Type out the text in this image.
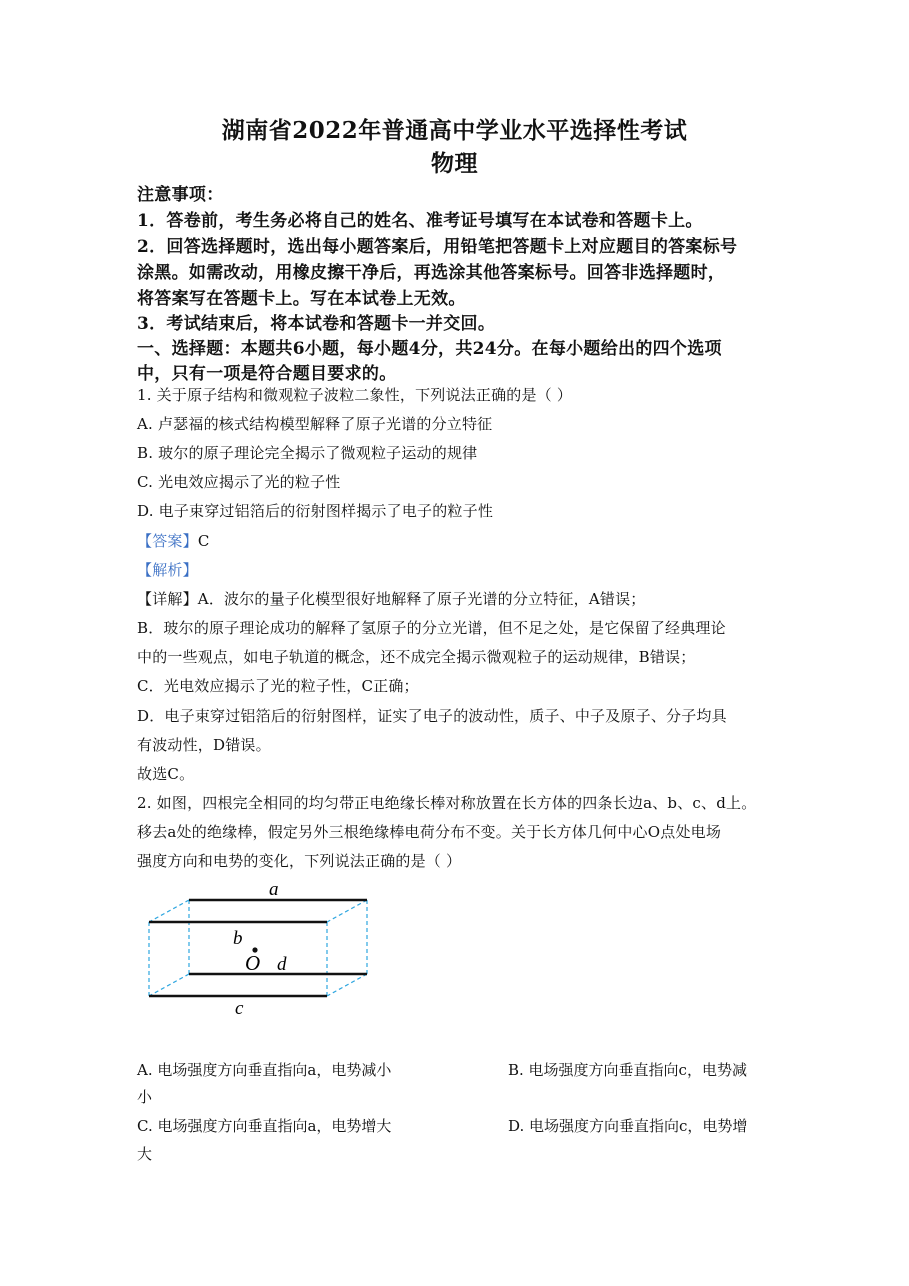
湖南省2022年普通高中学业水平选择性考试
物理
注意事项：
1．答卷前，考生务必将自己的姓名、准考证号填写在本试卷和答题卡上。
2．回答选择题时，选出每小题答案后，用铅笔把答题卡上对应题目的答案标号
涂黑。如需改动，用橡皮擦干净后，再选涂其他答案标号。回答非选择题时，
将答案写在答题卡上。写在本试卷上无效。
3．考试结束后，将本试卷和答题卡一并交回。
一、选择题：本题共6小题，每小题4分，共24分。在每小题给出的四个选项
中，只有一项是符合题目要求的。
1. 关于原子结构和微观粒子波粒二象性，下列说法正确的是（ ）
A. 卢瑟福的核式结构模型解释了原子光谱的分立特征
B. 玻尔的原子理论完全揭示了微观粒子运动的规律
C. 光电效应揭示了光的粒子性
D. 电子束穿过铝箔后的衍射图样揭示了电子的粒子性
【答案】C
【解析】
【详解】A．波尔的量子化模型很好地解释了原子光谱的分立特征，A错误；
B．玻尔的原子理论成功的解释了氢原子的分立光谱，但不足之处，是它保留了经典理论
中的一些观点，如电子轨道的概念，还不成完全揭示微观粒子的运动规律，B错误；
C．光电效应揭示了光的粒子性，C正确；
D．电子束穿过铝箔后的衍射图样，证实了电子的波动性，质子、中子及原子、分子均具
有波动性，D错误。
故选C。
2. 如图，四根完全相同的均匀带正电绝缘长棒对称放置在长方体的四条长边a、b、c、d上。
移去a处的绝缘棒，假定另外三根绝缘棒电荷分布不变。关于长方体几何中心O点处电场
强度方向和电势的变化，下列说法正确的是（ ）
a
b
O d
c
A. 电场强度方向垂直指向a，电势减小
小
B. 电场强度方向垂直指向c，电势减
C. 电场强度方向垂直指向a，电势增大
大
D. 电场强度方向垂直指向c，电势增
